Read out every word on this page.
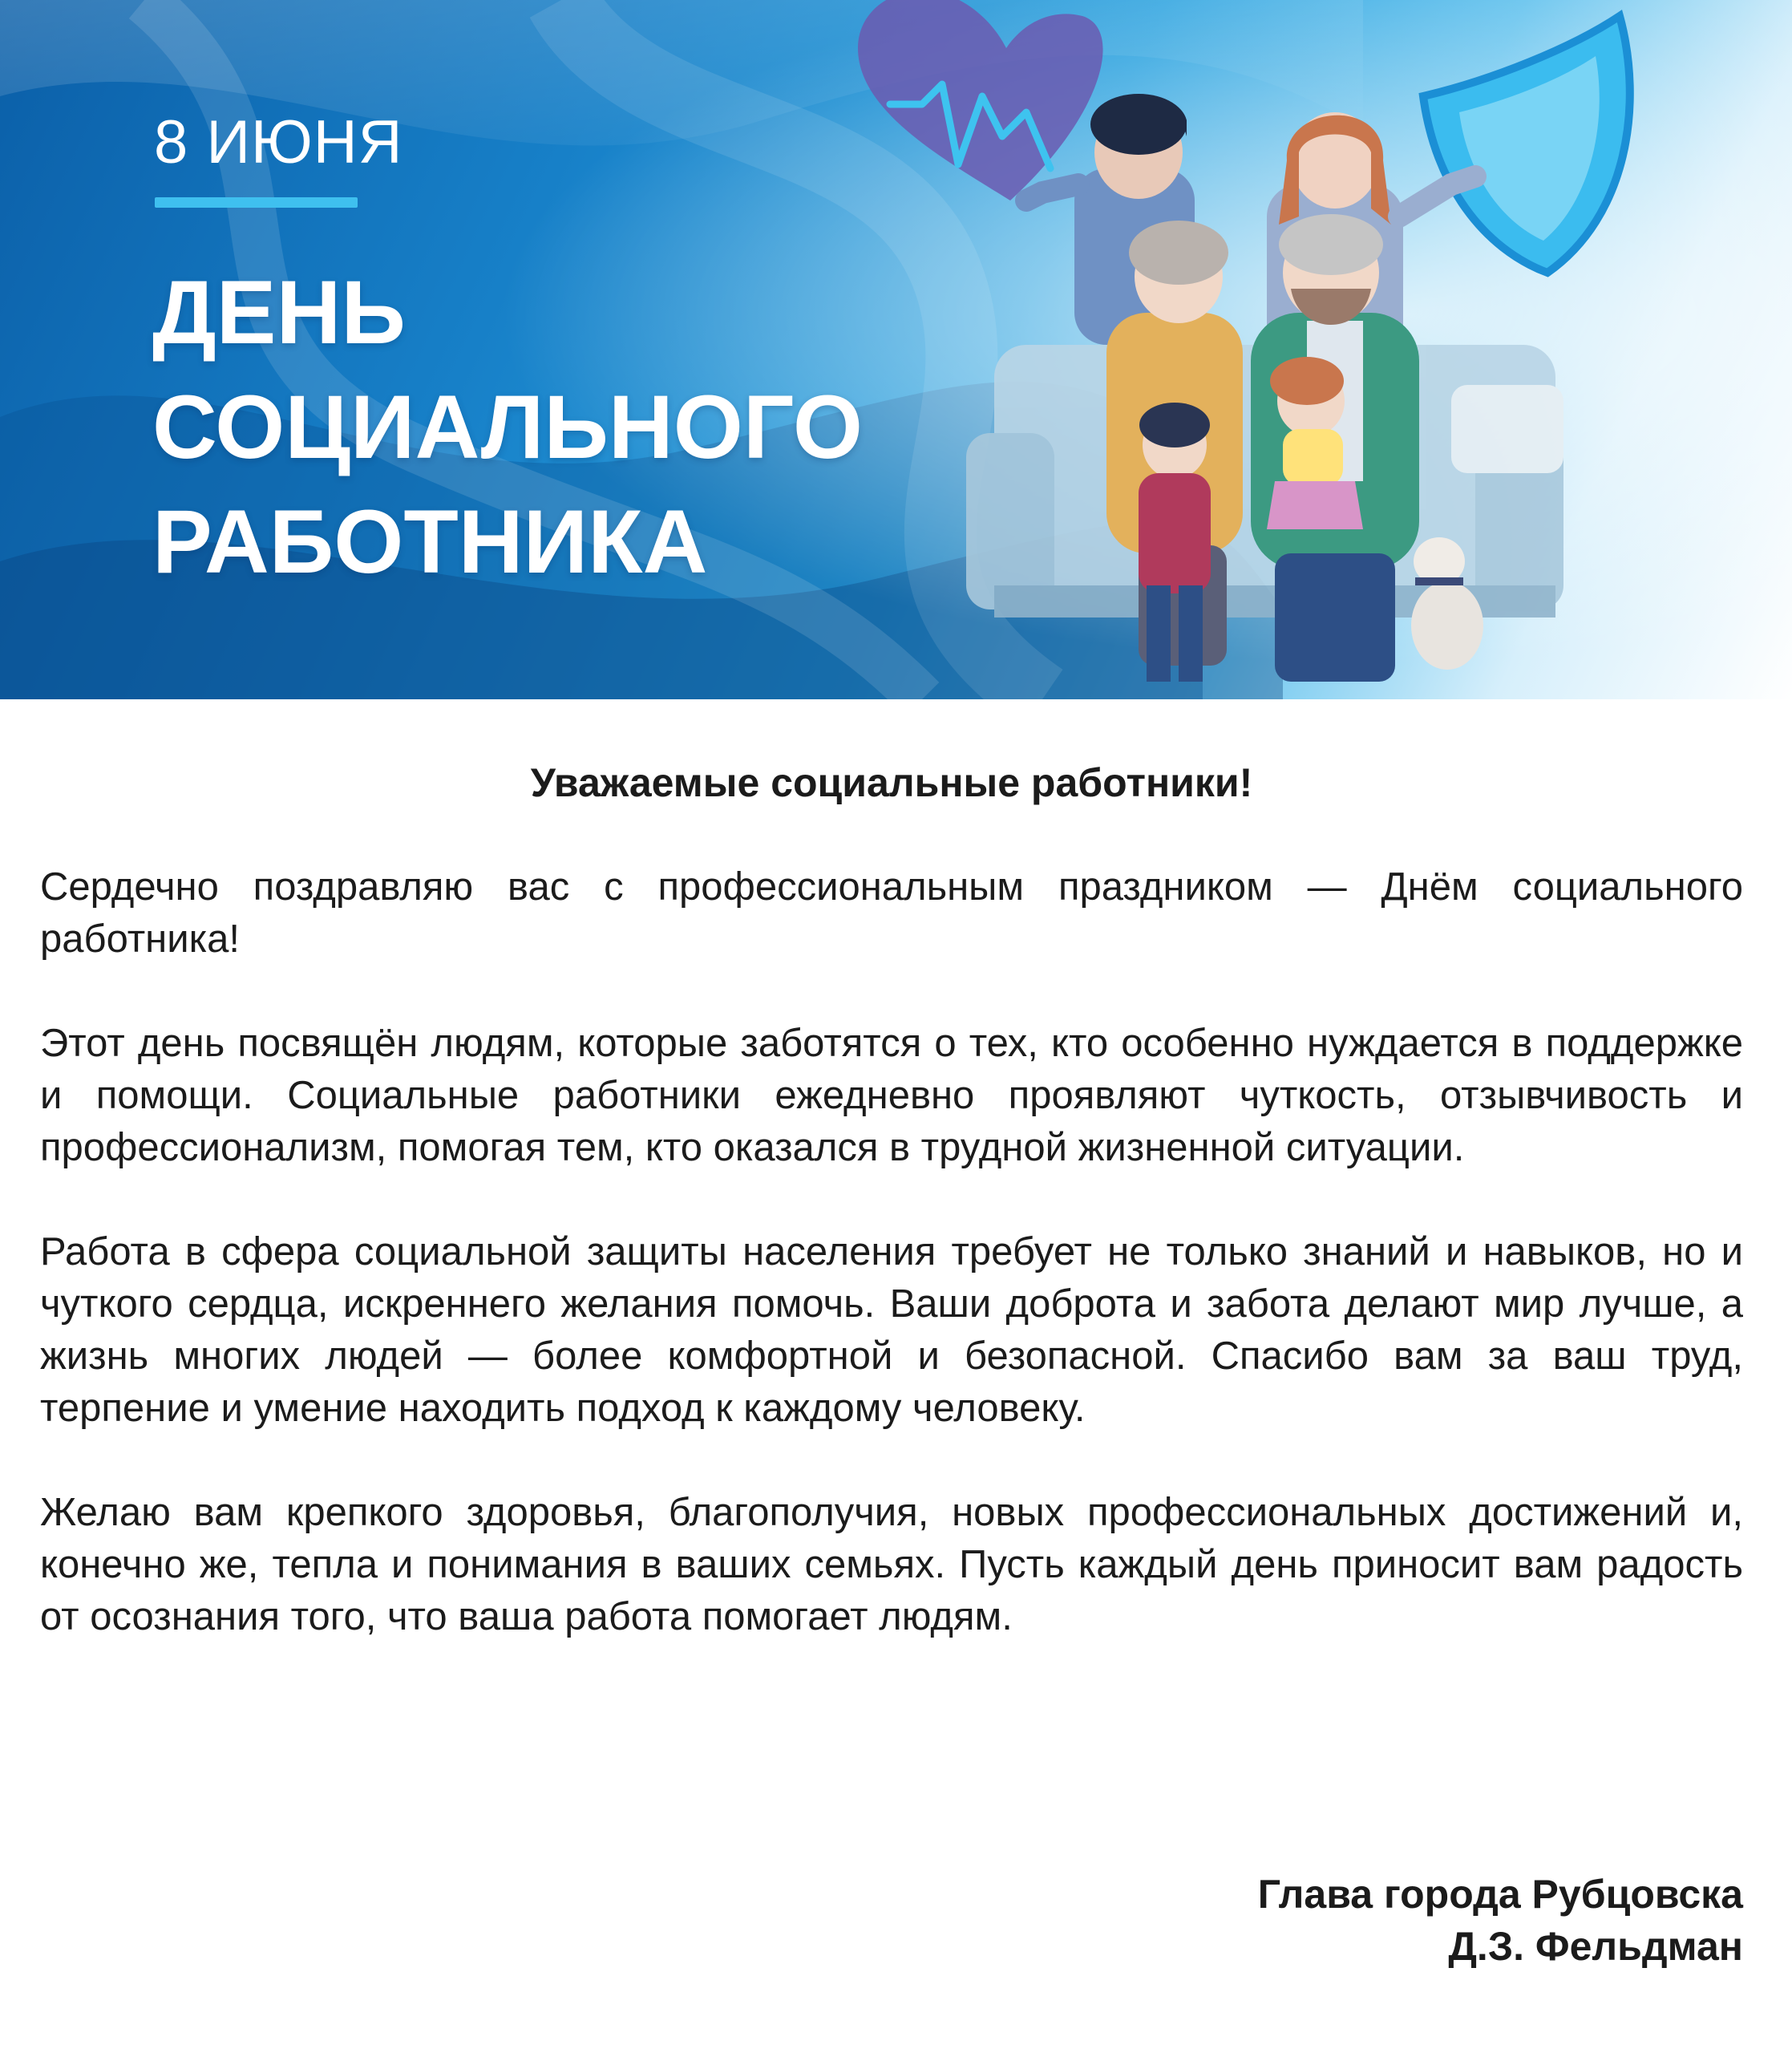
8 ИЮНЯ
ДЕНЬ
СОЦИАЛЬНОГО
РАБОТНИКА
Уважаемые социальные работники!

Сердечно поздравляю вас с профессиональным праздником — Днём социального работника!

Этот день посвящён людям, которые заботятся о тех, кто особенно нуждается в поддержке и помощи. Социальные работники ежедневно проявляют чуткость, отзывчивость и профессионализм, помогая тем, кто оказался в трудной жизненной ситуации.

Работа в сфера социальной защиты населения требует не только знаний и навыков, но и чуткого сердца, искреннего желания помочь. Ваши доброта и забота делают мир лучше, а жизнь многих людей — более комфортной и безопасной. Спасибо вам за ваш труд, терпение и умение находить подход к каждому человеку.

Желаю вам крепкого здоровья, благополучия, новых профессиональных достижений и, конечно же, тепла и понимания в ваших семьях. Пусть каждый день приносит вам радость от осознания того, что ваша работа помогает людям.

Глава города Рубцовска
Д.З. Фельдман
